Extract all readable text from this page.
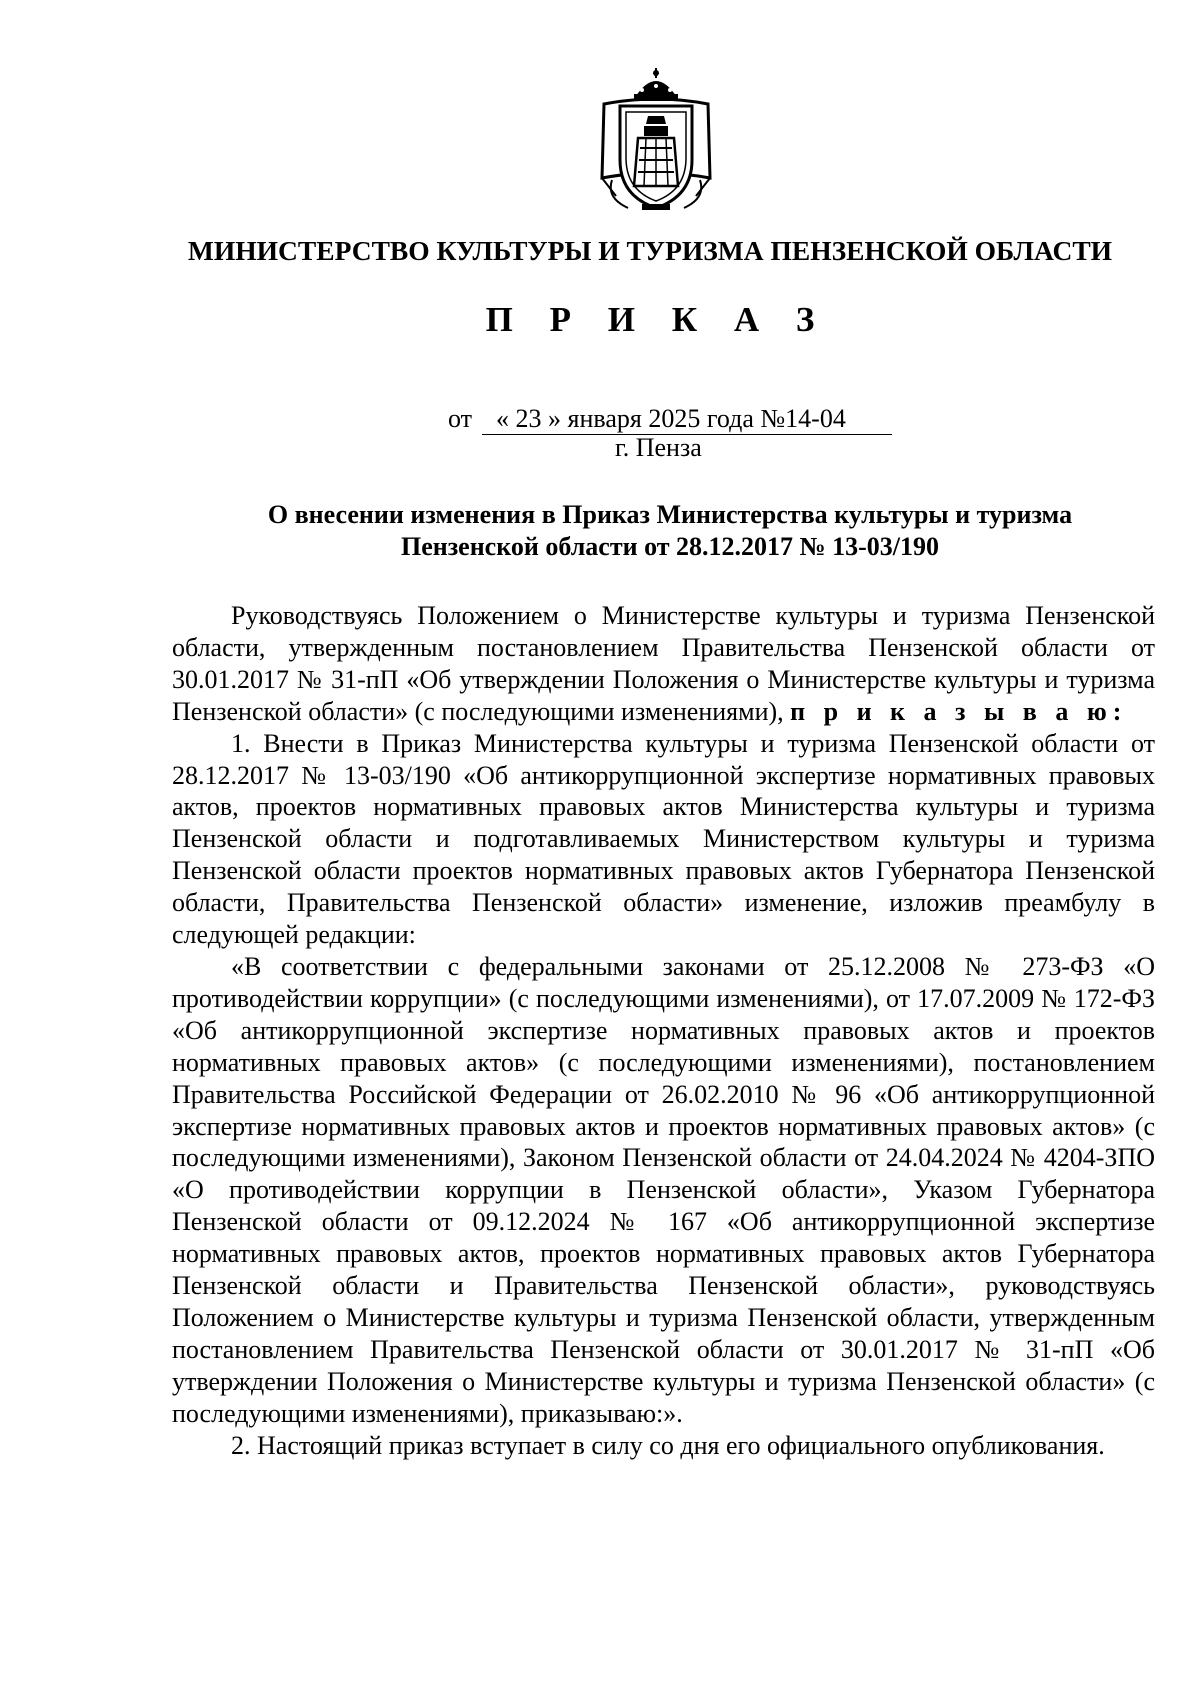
МИНИСТЕРСТВО КУЛЬТУРЫ И ТУРИЗМА ПЕНЗЕНСКОЙ ОБЛАСТИ
П Р И К А З
от « 23 » января 2025 года №14-04
г. Пенза
О внесении изменения в Приказ Министерства культуры и туризма
Пензенской области от 28.12.2017 № 13-03/190

Руководствуясь Положением о Министерстве культуры и туризма Пензенской области, утвержденным постановлением Правительства Пензенской области от 30.01.2017 № 31-пП «Об утверждении Положения о Министерстве культуры и туризма Пензенской области» (с последующими изменениями), п р и к а з ы в а ю:

1. Внести в Приказ Министерства культуры и туризма Пензенской области от 28.12.2017 № 13-03/190 «Об антикоррупционной экспертизе нормативных правовых актов, проектов нормативных правовых актов Министерства культуры и туризма Пензенской области и подготавливаемых Министерством культуры и туризма Пензенской области проектов нормативных правовых актов Губернатора Пензенской области, Правительства Пензенской области» изменение, изложив преамбулу в следующей редакции:

«В соответствии с федеральными законами от 25.12.2008 № 273-ФЗ «О противодействии коррупции» (с последующими изменениями), от 17.07.2009 № 172-ФЗ «Об антикоррупционной экспертизе нормативных правовых актов и проектов нормативных правовых актов» (с последующими изменениями), постановлением Правительства Российской Федерации от 26.02.2010 № 96 «Об антикоррупционной экспертизе нормативных правовых актов и проектов нормативных правовых актов» (с последующими изменениями), Законом Пензенской области от 24.04.2024 № 4204-ЗПО «О противодействии коррупции в Пензенской области», Указом Губернатора Пензенской области от 09.12.2024 № 167 «Об антикоррупционной экспертизе нормативных правовых актов, проектов нормативных правовых актов Губернатора Пензенской области и Правительства Пензенской области», руководствуясь Положением о Министерстве культуры и туризма Пензенской области, утвержденным постановлением Правительства Пензенской области от 30.01.2017 № 31-пП «Об утверждении Положения о Министерстве культуры и туризма Пензенской области» (с последующими изменениями), приказываю:».

2. Настоящий приказ вступает в силу со дня его официального опубликования.
